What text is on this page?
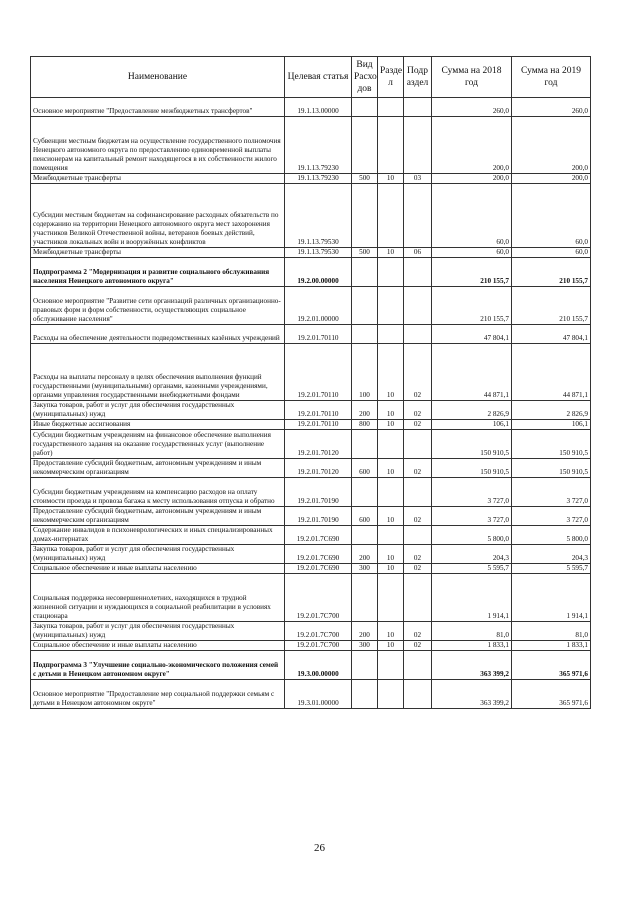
Наименование	Целевая статья	Вид Расхо дов	Разде л	Подр аздел	Сумма на 2018 год	Сумма на 2019 год
Основное мероприятие "Предоставление межбюджетных трансфертов"	19.1.13.00000				260,0	260,0
Субвенции местным бюджетам на осуществление государственного полномочия Ненецкого автономного округа по предоставлению единовременной выплаты пенсионерам на капитальный ремонт находящегося в их собственности жилого помещения	19.1.13.79230				200,0	200,0
Межбюджетные трансферты	19.1.13.79230	500	10	03	200,0	200,0
Субсидии местным бюджетам на софинансирование расходных обязательств по содержанию на территории Ненецкого автономного округа мест захоронения участников Великой Отечественной войны, ветеранов боевых действий, участников локальных войн и вооружённых конфликтов	19.1.13.79530				60,0	60,0
Межбюджетные трансферты	19.1.13.79530	500	10	06	60,0	60,0
Подпрограмма 2 "Модернизация и развитие социального обслуживания населения Ненецкого автономного округа"	19.2.00.00000				210 155,7	210 155,7
Основное мероприятие "Развитие сети организаций различных организационно-правовых форм и форм собственности, осуществляющих социальное обслуживание населения"	19.2.01.00000				210 155,7	210 155,7
Расходы на обеспечение деятельности подведомственных казённых учреждений	19.2.01.70110				47 804,1	47 804,1
Расходы на выплаты персоналу в целях обеспечения выполнения функций государственными (муниципальными) органами, казенными учреждениями, органами управления государственными внебюджетными фондами	19.2.01.70110	100	10	02	44 871,1	44 871,1
Закупка товаров, работ и услуг для обеспечения государственных (муниципальных) нужд	19.2.01.70110	200	10	02	2 826,9	2 826,9
Иные бюджетные ассигнования	19.2.01.70110	800	10	02	106,1	106,1
Субсидии бюджетным учреждениям на финансовое обеспечение выполнения государственного задания на оказание государственных услуг (выполнение работ)	19.2.01.70120				150 910,5	150 910,5
Предоставление субсидий бюджетным, автономным учреждениям и иным некоммерческим организациям	19.2.01.70120	600	10	02	150 910,5	150 910,5
Субсидии бюджетным учреждениям на компенсацию расходов на оплату стоимости проезда и провоза багажа к месту использования отпуска и обратно	19.2.01.70190				3 727,0	3 727,0
Предоставление субсидий бюджетным, автономным учреждениям и иным некоммерческим организациям	19.2.01.70190	600	10	02	3 727,0	3 727,0
Содержание инвалидов в психоневрологических и иных специализированных домах-интернатах	19.2.01.7C690				5 800,0	5 800,0
Закупка товаров, работ и услуг для обеспечения государственных (муниципальных) нужд	19.2.01.7C690	200	10	02	204,3	204,3
Социальное обеспечение и иные выплаты населению	19.2.01.7C690	300	10	02	5 595,7	5 595,7
Социальная поддержка несовершеннолетних, находящихся в трудной жизненной ситуации и нуждающихся в социальной реабилитации в условиях стационара	19.2.01.7C700				1 914,1	1 914,1
Закупка товаров, работ и услуг для обеспечения государственных (муниципальных) нужд	19.2.01.7C700	200	10	02	81,0	81,0
Социальное обеспечение и иные выплаты населению	19.2.01.7C700	300	10	02	1 833,1	1 833,1
Подпрограмма 3 "Улучшение социально-экономического положения семей с детьми в Ненецком автономном округе"	19.3.00.00000				363 399,2	365 971,6
Основное мероприятие "Предоставление мер социальной поддержки семьям с детьми в Ненецком автономном округе"	19.3.01.00000				363 399,2	365 971,6
26
